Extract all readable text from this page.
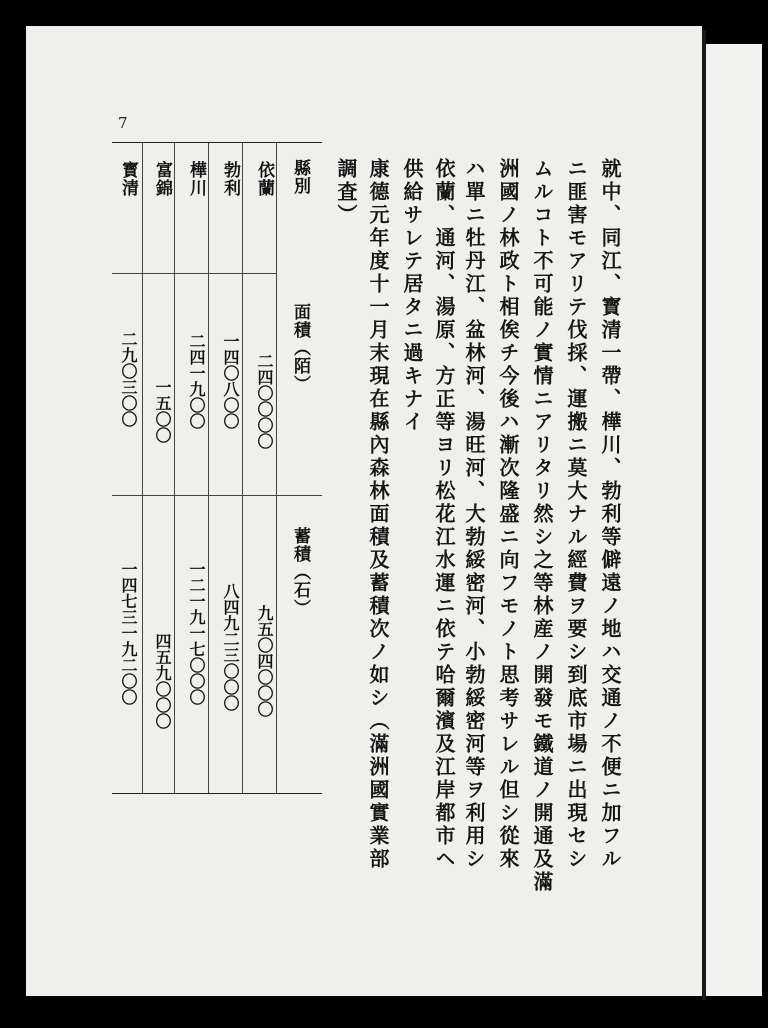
7
就中、同江、寳清一帶、樺川、勃利等僻遠ノ地ハ交通ノ不便ニ加フル
ニ匪害モアリテ伐採、運搬ニ莫大ナル經費ヲ要シ到底市場ニ出現セシ
ムルコト不可能ノ實情ニアリタリ然シ之等林産ノ開發モ鐵道ノ開通及滿
洲國ノ林政ト相俟チ今後ハ漸次隆盛ニ向フモノト思考サレル但シ從來
ハ單ニ牡丹江、盆林河、湯旺河、大勃綏密河、小勃綏密河等ヲ利用シ
依蘭、通河、湯原、方正等ヨリ松花江水運ニ依テ哈爾濱及江岸都市ヘ
供給サレテ居タニ過キナイ
康德元年度十一月末現在縣內森林面積及蓄積次ノ如シ（滿洲國實業部
調査）
縣別
面積（陌）
蓄積（石）
依蘭
二四〇〇〇〇
九五〇四〇〇〇
勃利
一四〇八〇〇
八四九二三〇〇〇
樺川
二四一九〇〇
一二一九一七〇〇〇
富錦
一五〇〇
四五九〇〇〇
寳清
二九〇三〇〇
一四七三一九二〇〇
